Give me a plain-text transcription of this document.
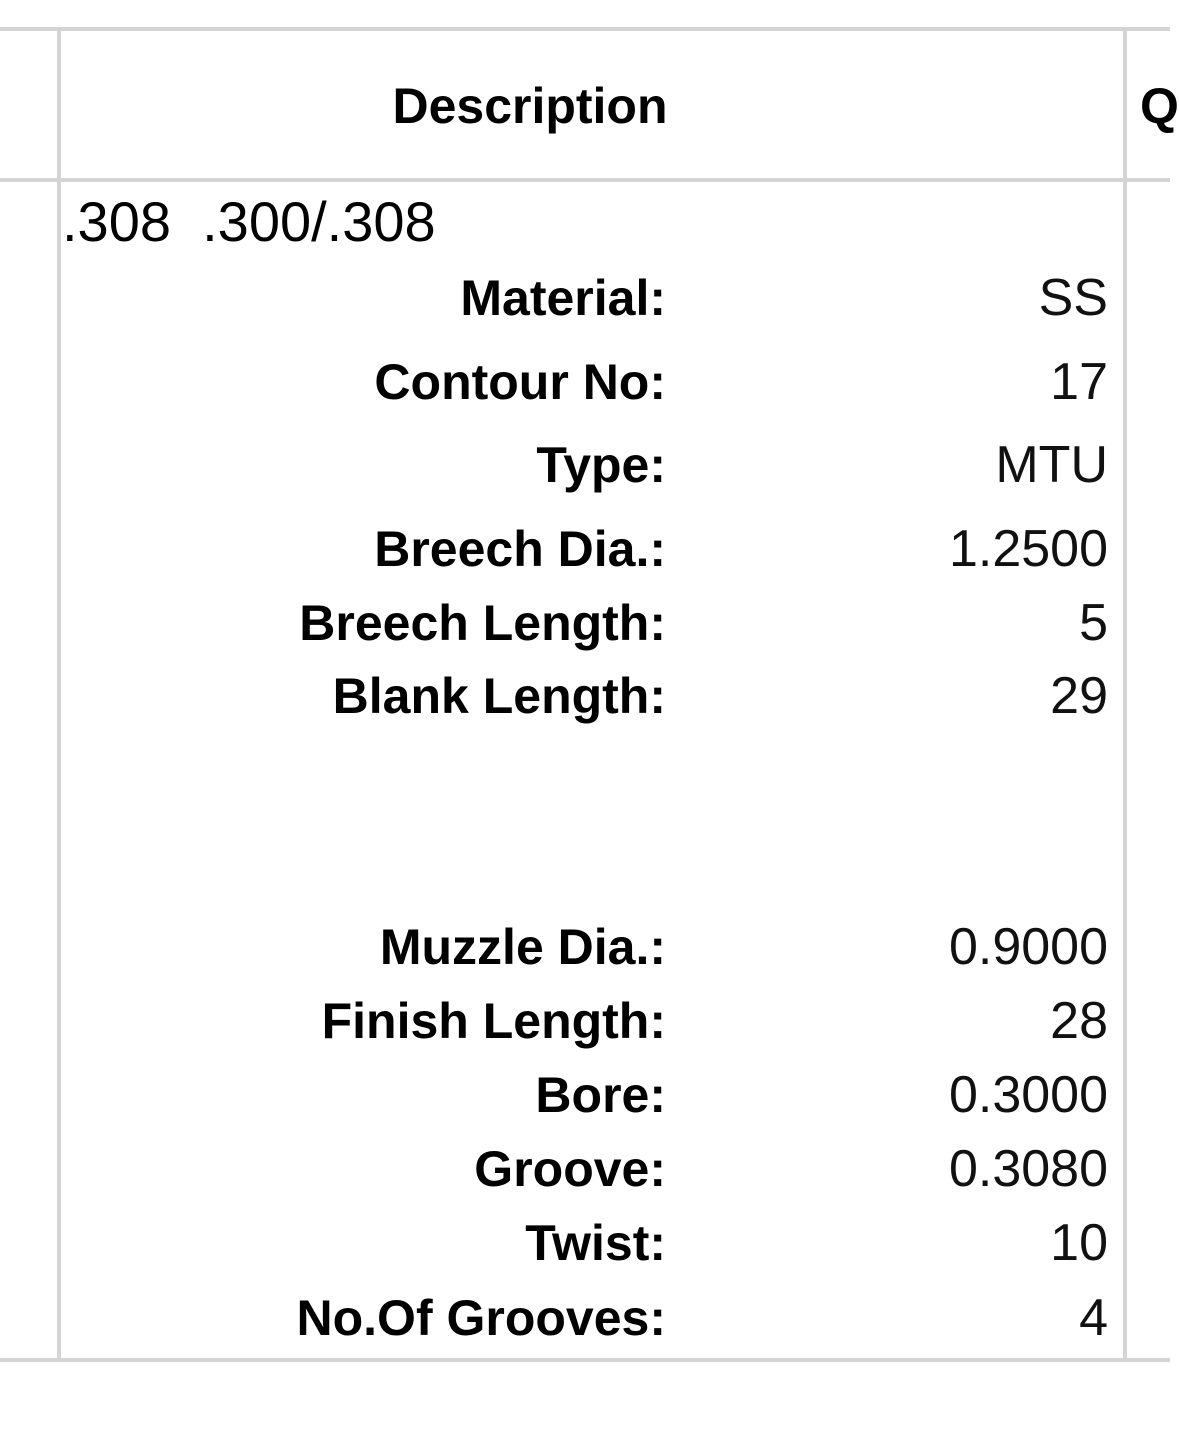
Description	Q
.308  .300/.308
Material:	SS
Contour No:	17
Type:	MTU
Breech Dia.:	1.2500
Breech Length:	5
Blank Length:	29
Muzzle Dia.:	0.9000
Finish Length:	28
Bore:	0.3000
Groove:	0.3080
Twist:	10
No.Of Grooves:	4
